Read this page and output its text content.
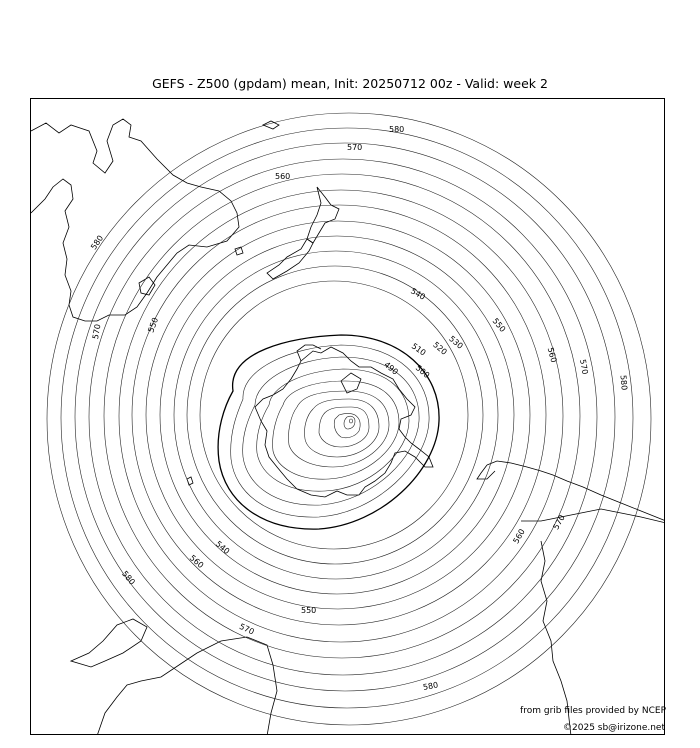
GEFS - Z500 (gpdam) mean, Init: 20250712 00z - Valid: week 2
580
570
560
580
570	550
540
530
520
510
500
490
550
560
570
580
560
570
540
560
580
550
570
580
from grib files provided by NCEP
©2025 sb@irizone.net
